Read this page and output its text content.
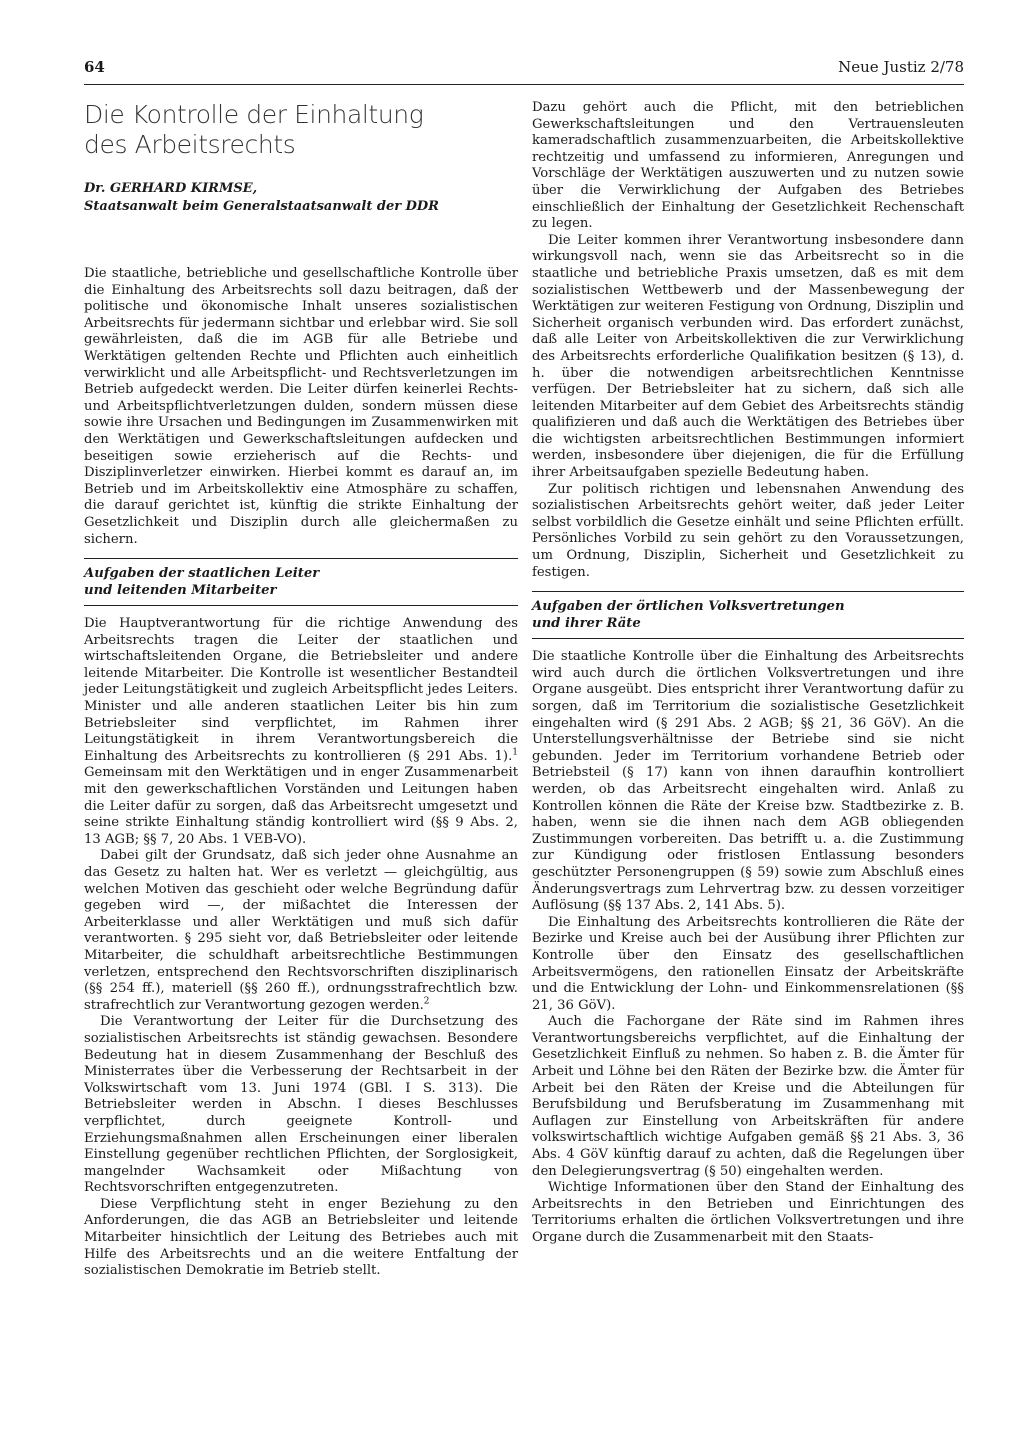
64	Neue Justiz 2/78
Die Kontrolle der Einhaltung
des Arbeitsrechts
Dr. GERHARD KIRMSE,
Staatsanwalt beim Generalstaatsanwalt der DDR

Die staatliche, betriebliche und gesellschaftliche Kontrolle über die Einhaltung des Arbeitsrechts soll dazu beitragen, daß der politische und ökonomische Inhalt unseres sozialistischen Arbeitsrechts für jedermann sichtbar und erlebbar wird. Sie soll gewährleisten, daß die im AGB für alle Betriebe und Werktätigen geltenden Rechte und Pflichten auch einheitlich verwirklicht und alle Arbeitspflicht- und Rechtsverletzungen im Betrieb aufgedeckt werden. Die Leiter dürfen keinerlei Rechts- und Arbeitspflichtverletzungen dulden, sondern müssen diese sowie ihre Ursachen und Bedingungen im Zusammenwirken mit den Werktätigen und Gewerkschaftsleitungen aufdecken und beseitigen sowie erzieherisch auf die Rechts- und Disziplinverletzer einwirken. Hierbei kommt es darauf an, im Betrieb und im Arbeitskollektiv eine Atmosphäre zu schaffen, die darauf gerichtet ist, künftig die strikte Einhaltung der Gesetzlichkeit und Disziplin durch alle gleichermaßen zu sichern.

Aufgaben der staatlichen Leiter
und leitenden Mitarbeiter

Die Hauptverantwortung für die richtige Anwendung des Arbeitsrechts tragen die Leiter der staatlichen und wirtschaftsleitenden Organe, die Betriebsleiter und andere leitende Mitarbeiter. Die Kontrolle ist wesentlicher Bestandteil jeder Leitungstätigkeit und zugleich Arbeitspflicht jedes Leiters. Minister und alle anderen staatlichen Leiter bis hin zum Betriebsleiter sind verpflichtet, im Rahmen ihrer Leitungstätigkeit in ihrem Verantwortungsbereich die Einhaltung des Arbeitsrechts zu kontrollieren (§ 291 Abs. 1).$^1$ Gemeinsam mit den Werktätigen und in enger Zusammenarbeit mit den gewerkschaftlichen Vorständen und Leitungen haben die Leiter dafür zu sorgen, daß das Arbeitsrecht umgesetzt und seine strikte Einhaltung ständig kontrolliert wird (§§ 9 Abs. 2, 13 AGB; §§ 7, 20 Abs. 1 VEB-VO).

Dabei gilt der Grundsatz, daß sich jeder ohne Ausnahme an das Gesetz zu halten hat. Wer es verletzt — gleichgültig, aus welchen Motiven das geschieht oder welche Begründung dafür gegeben wird —, der mißachtet die Interessen der Arbeiterklasse und aller Werktätigen und muß sich dafür verantworten. § 295 sieht vor, daß Betriebsleiter oder leitende Mitarbeiter, die schuldhaft arbeitsrechtliche Bestimmungen verletzen, entsprechend den Rechtsvorschriften disziplinarisch (§§ 254 ff.), materiell (§§ 260 ff.), ordnungsstrafrechtlich bzw. strafrechtlich zur Verantwortung gezogen werden.$^2$

Die Verantwortung der Leiter für die Durchsetzung des sozialistischen Arbeitsrechts ist ständig gewachsen. Besondere Bedeutung hat in diesem Zusammenhang der Beschluß des Ministerrates über die Verbesserung der Rechtsarbeit in der Volkswirtschaft vom 13. Juni 1974 (GBl. I S. 313). Die Betriebsleiter werden in Abschn. I dieses Beschlusses verpflichtet, durch geeignete Kontroll- und Erziehungsmaßnahmen allen Erscheinungen einer liberalen Einstellung gegenüber rechtlichen Pflichten, der Sorglosigkeit, mangelnder Wachsamkeit oder Mißachtung von Rechtsvorschriften entgegenzutreten.

Diese Verpflichtung steht in enger Beziehung zu den Anforderungen, die das AGB an Betriebsleiter und leitende Mitarbeiter hinsichtlich der Leitung des Betriebes auch mit Hilfe des Arbeitsrechts und an die weitere Entfaltung der sozialistischen Demokratie im Betrieb stellt.

Dazu gehört auch die Pflicht, mit den betrieblichen Gewerkschaftsleitungen und den Vertrauensleuten kameradschaftlich zusammenzuarbeiten, die Arbeitskollektive rechtzeitig und umfassend zu informieren, Anregungen und Vorschläge der Werktätigen auszuwerten und zu nutzen sowie über die Verwirklichung der Aufgaben des Betriebes einschließlich der Einhaltung der Gesetzlichkeit Rechenschaft zu legen.

Die Leiter kommen ihrer Verantwortung insbesondere dann wirkungsvoll nach, wenn sie das Arbeitsrecht so in die staatliche und betriebliche Praxis umsetzen, daß es mit dem sozialistischen Wettbewerb und der Massenbewegung der Werktätigen zur weiteren Festigung von Ordnung, Disziplin und Sicherheit organisch verbunden wird. Das erfordert zunächst, daß alle Leiter von Arbeitskollektiven die zur Verwirklichung des Arbeitsrechts erforderliche Qualifikation besitzen (§ 13), d. h. über die notwendigen arbeitsrechtlichen Kenntnisse verfügen. Der Betriebsleiter hat zu sichern, daß sich alle leitenden Mitarbeiter auf dem Gebiet des Arbeitsrechts ständig qualifizieren und daß auch die Werktätigen des Betriebes über die wichtigsten arbeitsrechtlichen Bestimmungen informiert werden, insbesondere über diejenigen, die für die Erfüllung ihrer Arbeitsaufgaben spezielle Bedeutung haben.

Zur politisch richtigen und lebensnahen Anwendung des sozialistischen Arbeitsrechts gehört weiter, daß jeder Leiter selbst vorbildlich die Gesetze einhält und seine Pflichten erfüllt. Persönliches Vorbild zu sein gehört zu den Voraussetzungen, um Ordnung, Disziplin, Sicherheit und Gesetzlichkeit zu festigen.

Aufgaben der örtlichen Volksvertretungen
und ihrer Räte

Die staatliche Kontrolle über die Einhaltung des Arbeitsrechts wird auch durch die örtlichen Volksvertretungen und ihre Organe ausgeübt. Dies entspricht ihrer Verantwortung dafür zu sorgen, daß im Territorium die sozialistische Gesetzlichkeit eingehalten wird (§ 291 Abs. 2 AGB; §§ 21, 36 GöV). An die Unterstellungsverhältnisse der Betriebe sind sie nicht gebunden. Jeder im Territorium vorhandene Betrieb oder Betriebsteil (§ 17) kann von ihnen daraufhin kontrolliert werden, ob das Arbeitsrecht eingehalten wird. Anlaß zu Kontrollen können die Räte der Kreise bzw. Stadtbezirke z. B. haben, wenn sie die ihnen nach dem AGB obliegenden Zustimmungen vorbereiten. Das betrifft u. a. die Zustimmung zur Kündigung oder fristlosen Entlassung besonders geschützter Personengruppen (§ 59) sowie zum Abschluß eines Änderungsvertrags zum Lehrvertrag bzw. zu dessen vorzeitiger Auflösung (§§ 137 Abs. 2, 141 Abs. 5).

Die Einhaltung des Arbeitsrechts kontrollieren die Räte der Bezirke und Kreise auch bei der Ausübung ihrer Pflichten zur Kontrolle über den Einsatz des gesellschaftlichen Arbeitsvermögens, den rationellen Einsatz der Arbeitskräfte und die Entwicklung der Lohn- und Einkommensrelationen (§§ 21, 36 GöV).

Auch die Fachorgane der Räte sind im Rahmen ihres Verantwortungsbereichs verpflichtet, auf die Einhaltung der Gesetzlichkeit Einfluß zu nehmen. So haben z. B. die Ämter für Arbeit und Löhne bei den Räten der Bezirke bzw. die Ämter für Arbeit bei den Räten der Kreise und die Abteilungen für Berufsbildung und Berufsberatung im Zusammenhang mit Auflagen zur Einstellung von Arbeitskräften für andere volkswirtschaftlich wichtige Aufgaben gemäß §§ 21 Abs. 3, 36 Abs. 4 GöV künftig darauf zu achten, daß die Regelungen über den Delegierungsvertrag (§ 50) eingehalten werden.

Wichtige Informationen über den Stand der Einhaltung des Arbeitsrechts in den Betrieben und Einrichtungen des Territoriums erhalten die örtlichen Volksvertretungen und ihre Organe durch die Zusammenarbeit mit den Staats-
